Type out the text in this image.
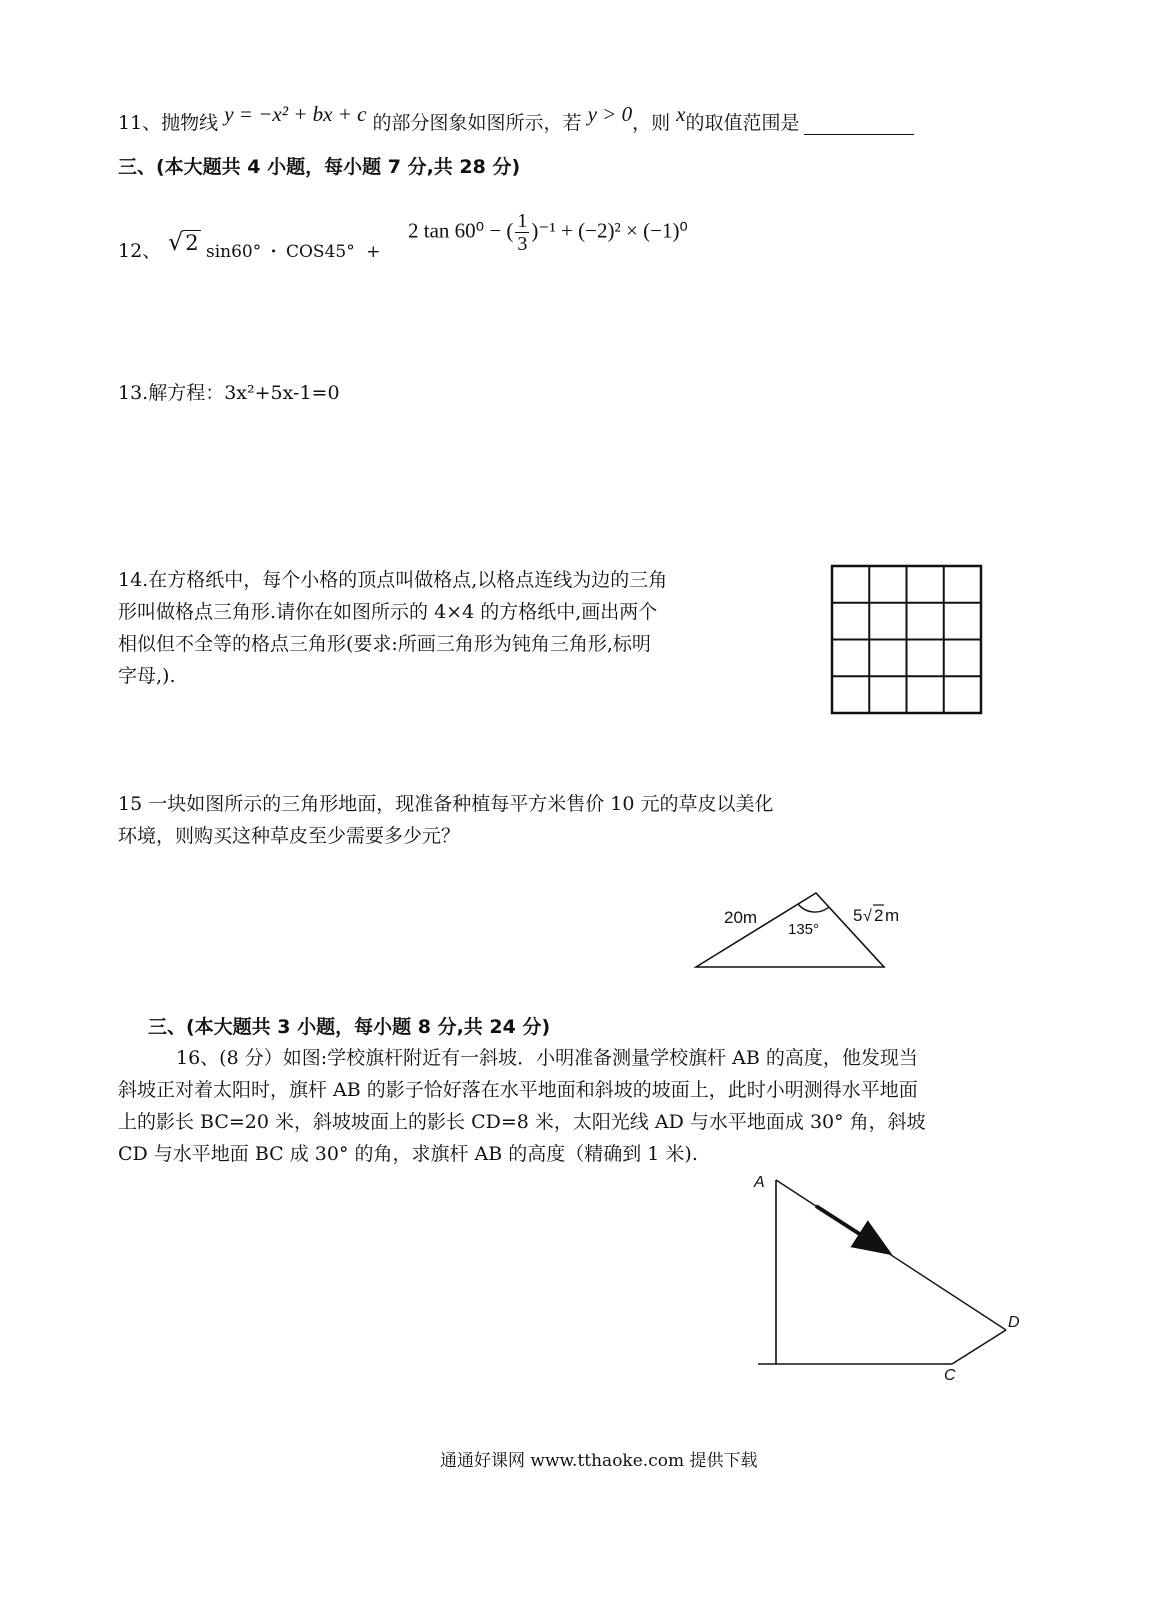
11、抛物线 y = −x² + bx + c 的部分图象如图所示，若 y > 0，则 x的取值范围是
三、(本大题共 4 小题，每小题 7 分,共 28 分)
12、 √2 sin60° · COS45° +
2 tan 60⁰ − ( $\frac{1}{3} )^{-1} + (-2)^2 \times (-1)^0$
13.解方程：3x²+5x-1=0
14.在方格纸中，每个小格的顶点叫做格点,以格点连线为边的三角
形叫做格点三角形.请你在如图所示的 4×4 的方格纸中,画出两个
相似但不全等的格点三角形(要求:所画三角形为钝角三角形,标明
字母,).
15 一块如图所示的三角形地面，现准备种植每平方米售价 10 元的草皮以美化
环境，则购买这种草皮至少需要多少元？
20m
135°
5 √ 2 m
三、(本大题共 3 小题，每小题 8 分,共 24 分)
16、(8 分）如图:学校旗杆附近有一斜坡．小明准备测量学校旗杆 AB 的高度，他发现当
斜坡正对着太阳时，旗杆 AB 的影子恰好落在水平地面和斜坡的坡面上，此时小明测得水平地面
上的影长 BC=20 米，斜坡坡面上的影长 CD=8 米，太阳光线 AD 与水平地面成 30° 角，斜坡
CD 与水平地面 BC 成 30° 的角，求旗杆 AB 的高度（精确到 1 米).
A
C
D
通通好课网 www.tthaoke.com 提供下载
